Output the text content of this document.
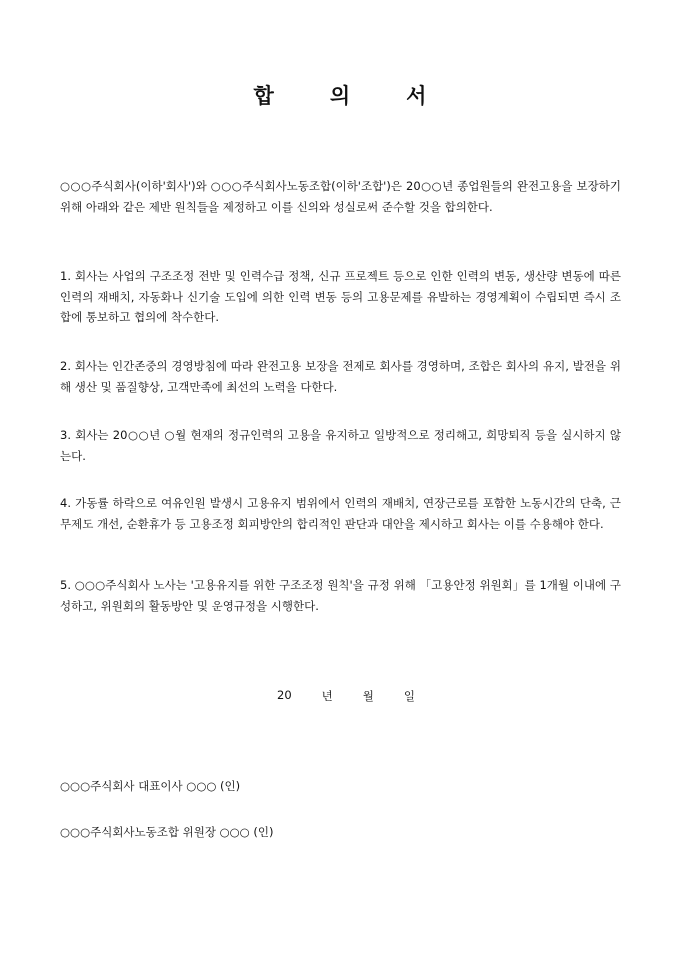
합	의	서
○○○주식회사(이하'회사')와 ○○○주식회사노동조합(이하'조합')은 20○○년 종업원들의 완전고용을 보장하기 위해 아래와 같은 제반 원칙들을 제정하고 이를 신의와 성실로써 준수할 것을 합의한다.
1. 회사는 사업의 구조조정 전반 및 인력수급 정책, 신규 프로젝트 등으로 인한 인력의 변동, 생산량 변동에 따른 인력의 재배치, 자동화나 신기술 도입에 의한 인력 변동 등의 고용문제를 유발하는 경영계획이 수립되면 즉시 조합에 통보하고 협의에 착수한다.
2. 회사는 인간존중의 경영방침에 따라 완전고용 보장을 전제로 회사를 경영하며, 조합은 회사의 유지, 발전을 위해 생산 및 품질향상, 고객만족에 최선의 노력을 다한다.
3. 회사는 20○○년 ○월 현재의 정규인력의 고용을 유지하고 일방적으로 정리해고, 희망퇴직 등을 실시하지 않는다.
4. 가동률 하락으로 여유인원 발생시 고용유지 범위에서 인력의 재배치, 연장근로를 포함한 노동시간의 단축, 근무제도 개선, 순환휴가 등 고용조정 회피방안의 합리적인 판단과 대안을 제시하고 회사는 이를 수용해야 한다.
5. ○○○주식회사 노사는 '고용유지를 위한 구조조정 원칙'을 규정 위해 「고용안정 위원회」를 1개월 이내에 구성하고, 위원회의 활동방안 및 운영규정을 시행한다.
20	년	월	일
○○○주식회사 대표이사 ○○○ (인)
○○○주식회사노동조합 위원장 ○○○ (인)
